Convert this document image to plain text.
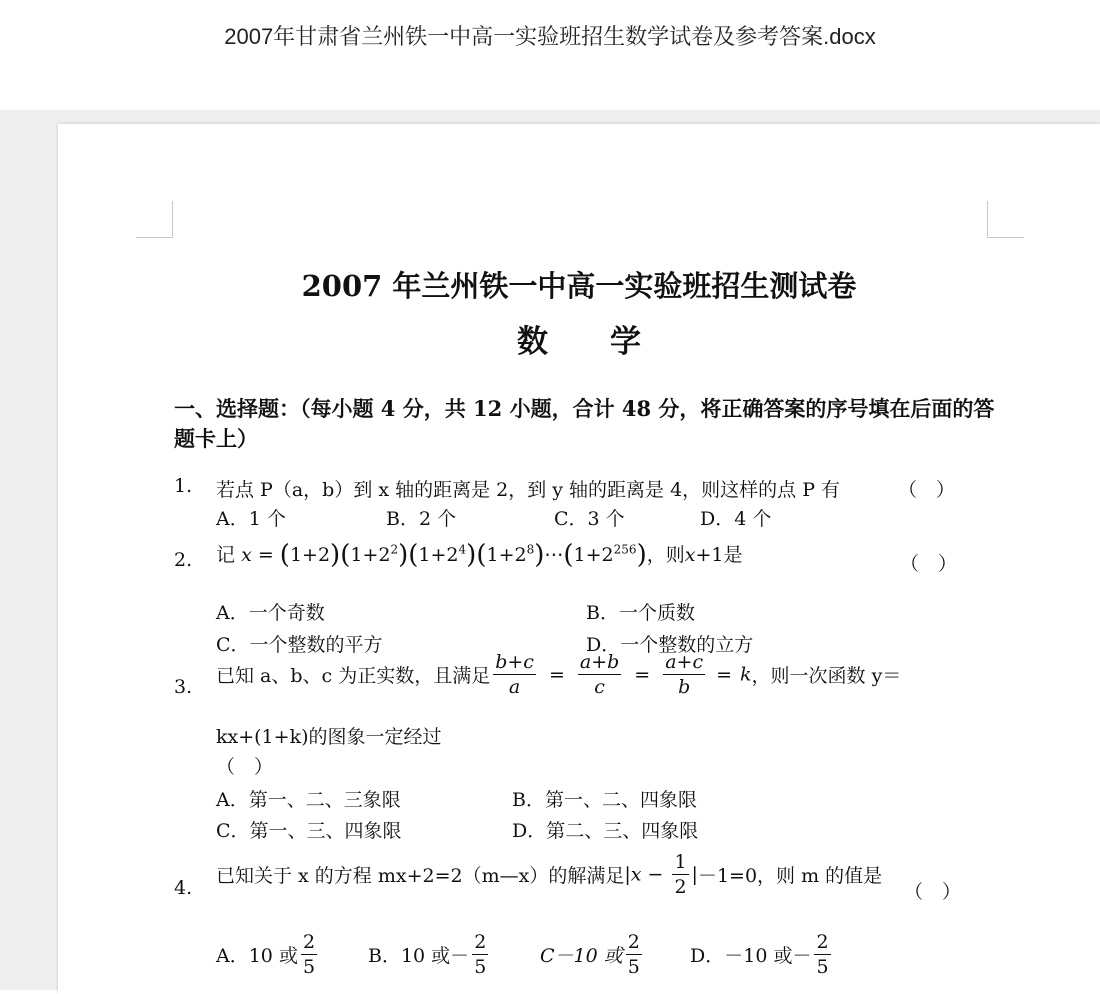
2007年甘肃省兰州铁一中高一实验班招生数学试卷及参考答案.docx
2007 年兰州铁一中高一实验班招生测试卷
数　　学
一、选择题：（每小题 4 分，共 12 小题，合计 48 分，将正确答案的序号填在后面的答题卡上）
1. 若点 P（a，b）到 x 轴的距离是 2，到 y 轴的距离是 4，则这样的点 P 有	（　）
A．1 个	B．2 个	C．3 个	D．4 个
2. 记 $x = (1+2)(1+2^2)(1+2^4)(1+2^8)\cdots(1+2^{256})$，则x+1是	（　）
A．一个奇数	B．一个质数
C．一个整数的平方	D．一个整数的立方
3. 已知 a、b、c 为正实数，且满足 $\frac{b+c}{a} = \frac{a+b}{c} = \frac{a+c}{b} = k$，则一次函数 y＝
kx+(1+k)的图象一定经过
（　）
A．第一、二、三象限	B．第一、二、四象限
C．第一、三、四象限	D．第二、三、四象限
4.
已知关于 x 的方程 mx+2=2（m—x）的解满足$|x - \frac{1}{2} |-1=0$，则 m 的值是
（　）
A．10 或 $\frac{2}{5}$	B．10 或－ $\frac{2}{5}$	C－10 或 $\frac{2}{5}$	D．－10 或－ $\frac{2}{5}$
